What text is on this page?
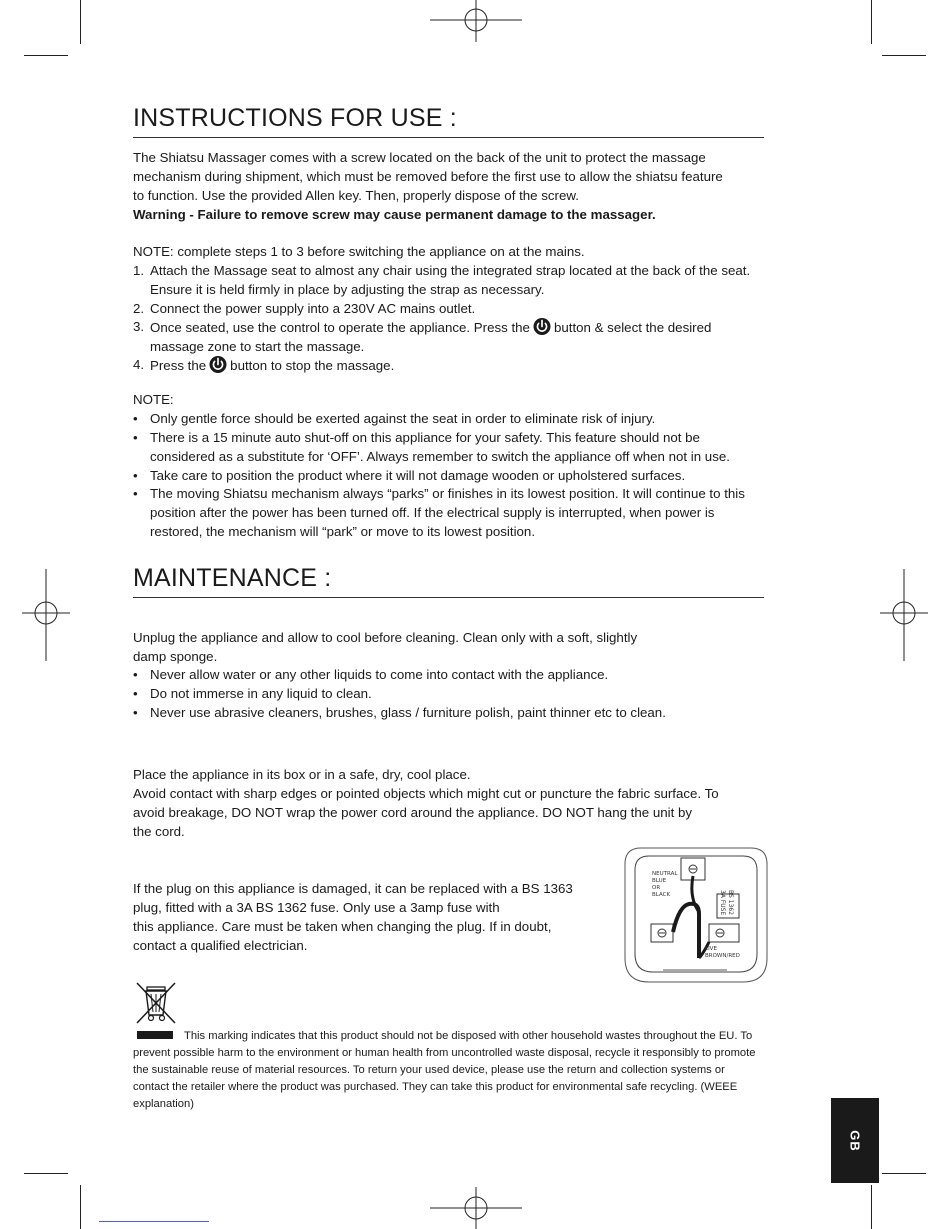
INSTRUCTIONS FOR USE :
The Shiatsu Massager comes with a screw located on the back of the unit to protect the massage
mechanism during shipment, which must be removed before the first use to allow the shiatsu feature
to function. Use the provided Allen key. Then, properly dispose of the screw.
Warning - Failure to remove screw may cause permanent damage to the massager.
NOTE: complete steps 1 to 3 before switching the appliance on at the mains.
1. Attach the Massage seat to almost any chair using the integrated strap located at the back of the seat. Ensure it is held firmly in place by adjusting the strap as necessary.
2. Connect the power supply into a 230V AC mains outlet.
3. Once seated, use the control to operate the appliance. Press the button & select the desired massage zone to start the massage.
4. Press the button to stop the massage.
NOTE:
• Only gentle force should be exerted against the seat in order to eliminate risk of injury.
• There is a 15 minute auto shut-off on this appliance for your safety. This feature should not be considered as a substitute for ‘OFF’. Always remember to switch the appliance off when not in use.
• Take care to position the product where it will not damage wooden or upholstered surfaces.
• The moving Shiatsu mechanism always “parks” or finishes in its lowest position. It will continue to this position after the power has been turned off. If the electrical supply is interrupted, when power is restored, the mechanism will “park” or move to its lowest position.
MAINTENANCE :
Unplug the appliance and allow to cool before cleaning. Clean only with a soft, slightly
damp sponge.
• Never allow water or any other liquids to come into contact with the appliance.
• Do not immerse in any liquid to clean.
• Never use abrasive cleaners, brushes, glass / furniture polish, paint thinner etc to clean.
Place the appliance in its box or in a safe, dry, cool place.
Avoid contact with sharp edges or pointed objects which might cut or puncture the fabric surface. To
avoid breakage, DO NOT wrap the power cord around the appliance. DO NOT hang the unit by
the cord.
If the plug on this appliance is damaged, it can be replaced with a BS 1363
plug, fitted with a 3A BS 1362 fuse. Only use a 3amp fuse with
this appliance. Care must be taken when changing the plug. If in doubt,
contact a qualified electrician.
NEUTRAL
BLUE
OR
BLACK	3A FUSE BS 1362
LIVE
BROWN/RED
This marking indicates that this product should not be disposed with other household wastes throughout the EU. To prevent possible harm to the environment or human health from uncontrolled waste disposal, recycle it responsibly to promote the sustainable reuse of material resources. To return your used device, please use the return and collection systems or contact the retailer where the product was purchased. They can take this product for environmental safe recycling. (WEEE explanation)
GB
